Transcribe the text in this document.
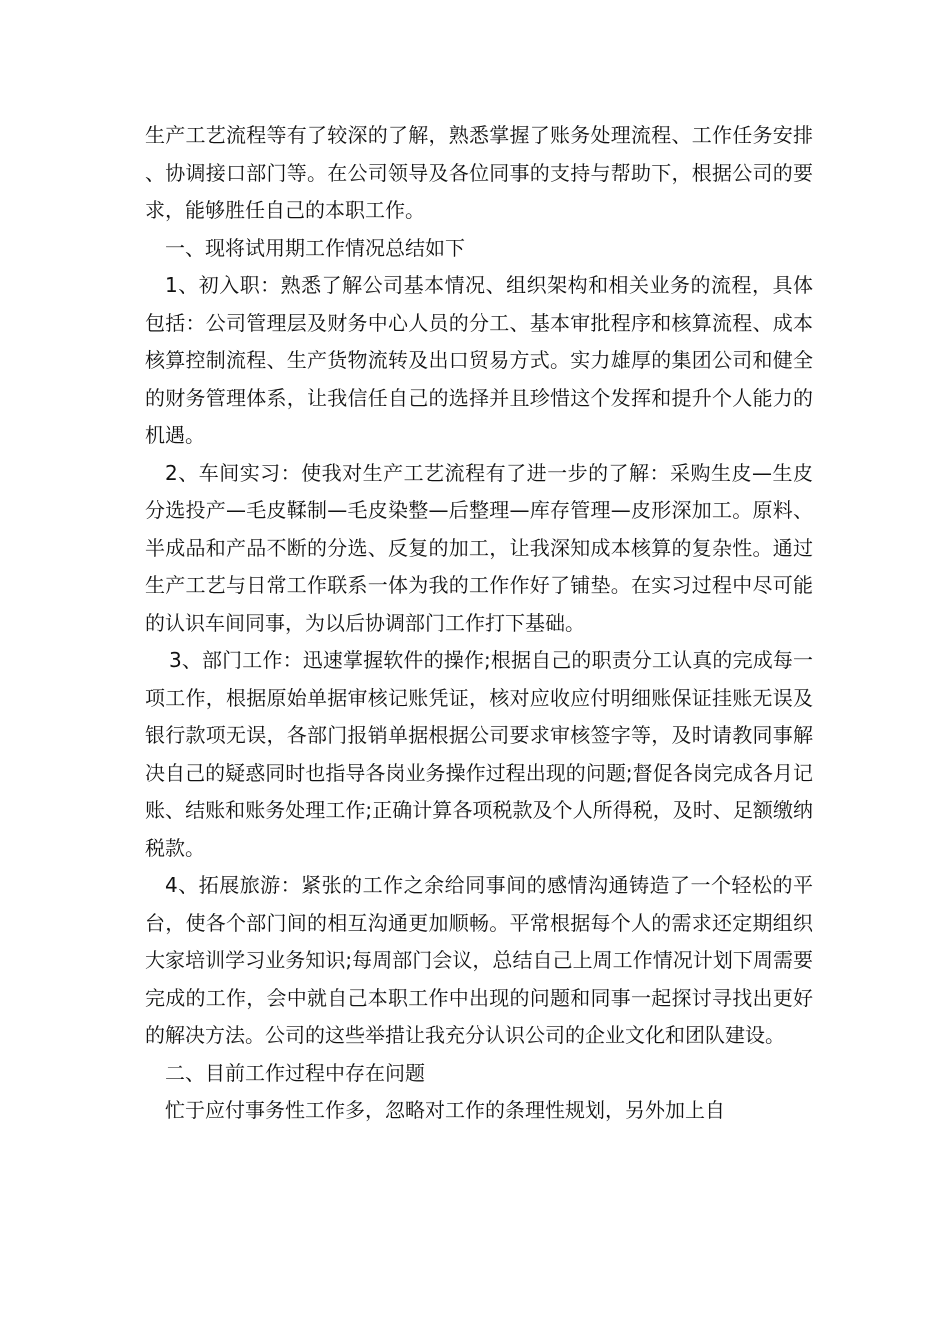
生产工艺流程等有了较深的了解，熟悉掌握了账务处理流程、工作任务安排、协调接口部门等。在公司领导及各位同事的支持与帮助下，根据公司的要求，能够胜任自己的本职工作。

一、现将试用期工作情况总结如下

1、初入职：熟悉了解公司基本情况、组织架构和相关业务的流程，具体包括：公司管理层及财务中心人员的分工、基本审批程序和核算流程、成本核算控制流程、生产货物流转及出口贸易方式。实力雄厚的集团公司和健全的财务管理体系，让我信任自己的选择并且珍惜这个发挥和提升个人能力的机遇。

2、车间实习：使我对生产工艺流程有了进一步的了解：采购生皮—生皮分选投产—毛皮鞣制—毛皮染整—后整理—库存管理—皮形深加工。原料、半成品和产品不断的分选、反复的加工，让我深知成本核算的复杂性。通过生产工艺与日常工作联系一体为我的工作作好了铺垫。在实习过程中尽可能的认识车间同事，为以后协调部门工作打下基础。

3、部门工作：迅速掌握软件的操作;根据自己的职责分工认真的完成每一项工作，根据原始单据审核记账凭证，核对应收应付明细账保证挂账无误及银行款项无误，各部门报销单据根据公司要求审核签字等，及时请教同事解决自己的疑惑同时也指导各岗业务操作过程出现的问题;督促各岗完成各月记账、结账和账务处理工作;正确计算各项税款及个人所得税，及时、足额缴纳税款。

4、拓展旅游：紧张的工作之余给同事间的感情沟通铸造了一个轻松的平台，使各个部门间的相互沟通更加顺畅。平常根据每个人的需求还定期组织大家培训学习业务知识;每周部门会议，总结自己上周工作情况计划下周需要完成的工作，会中就自己本职工作中出现的问题和同事一起探讨寻找出更好的解决方法。公司的这些举措让我充分认识公司的企业文化和团队建设。

二、目前工作过程中存在问题

忙于应付事务性工作多，忽略对工作的条理性规划，另外加上自
